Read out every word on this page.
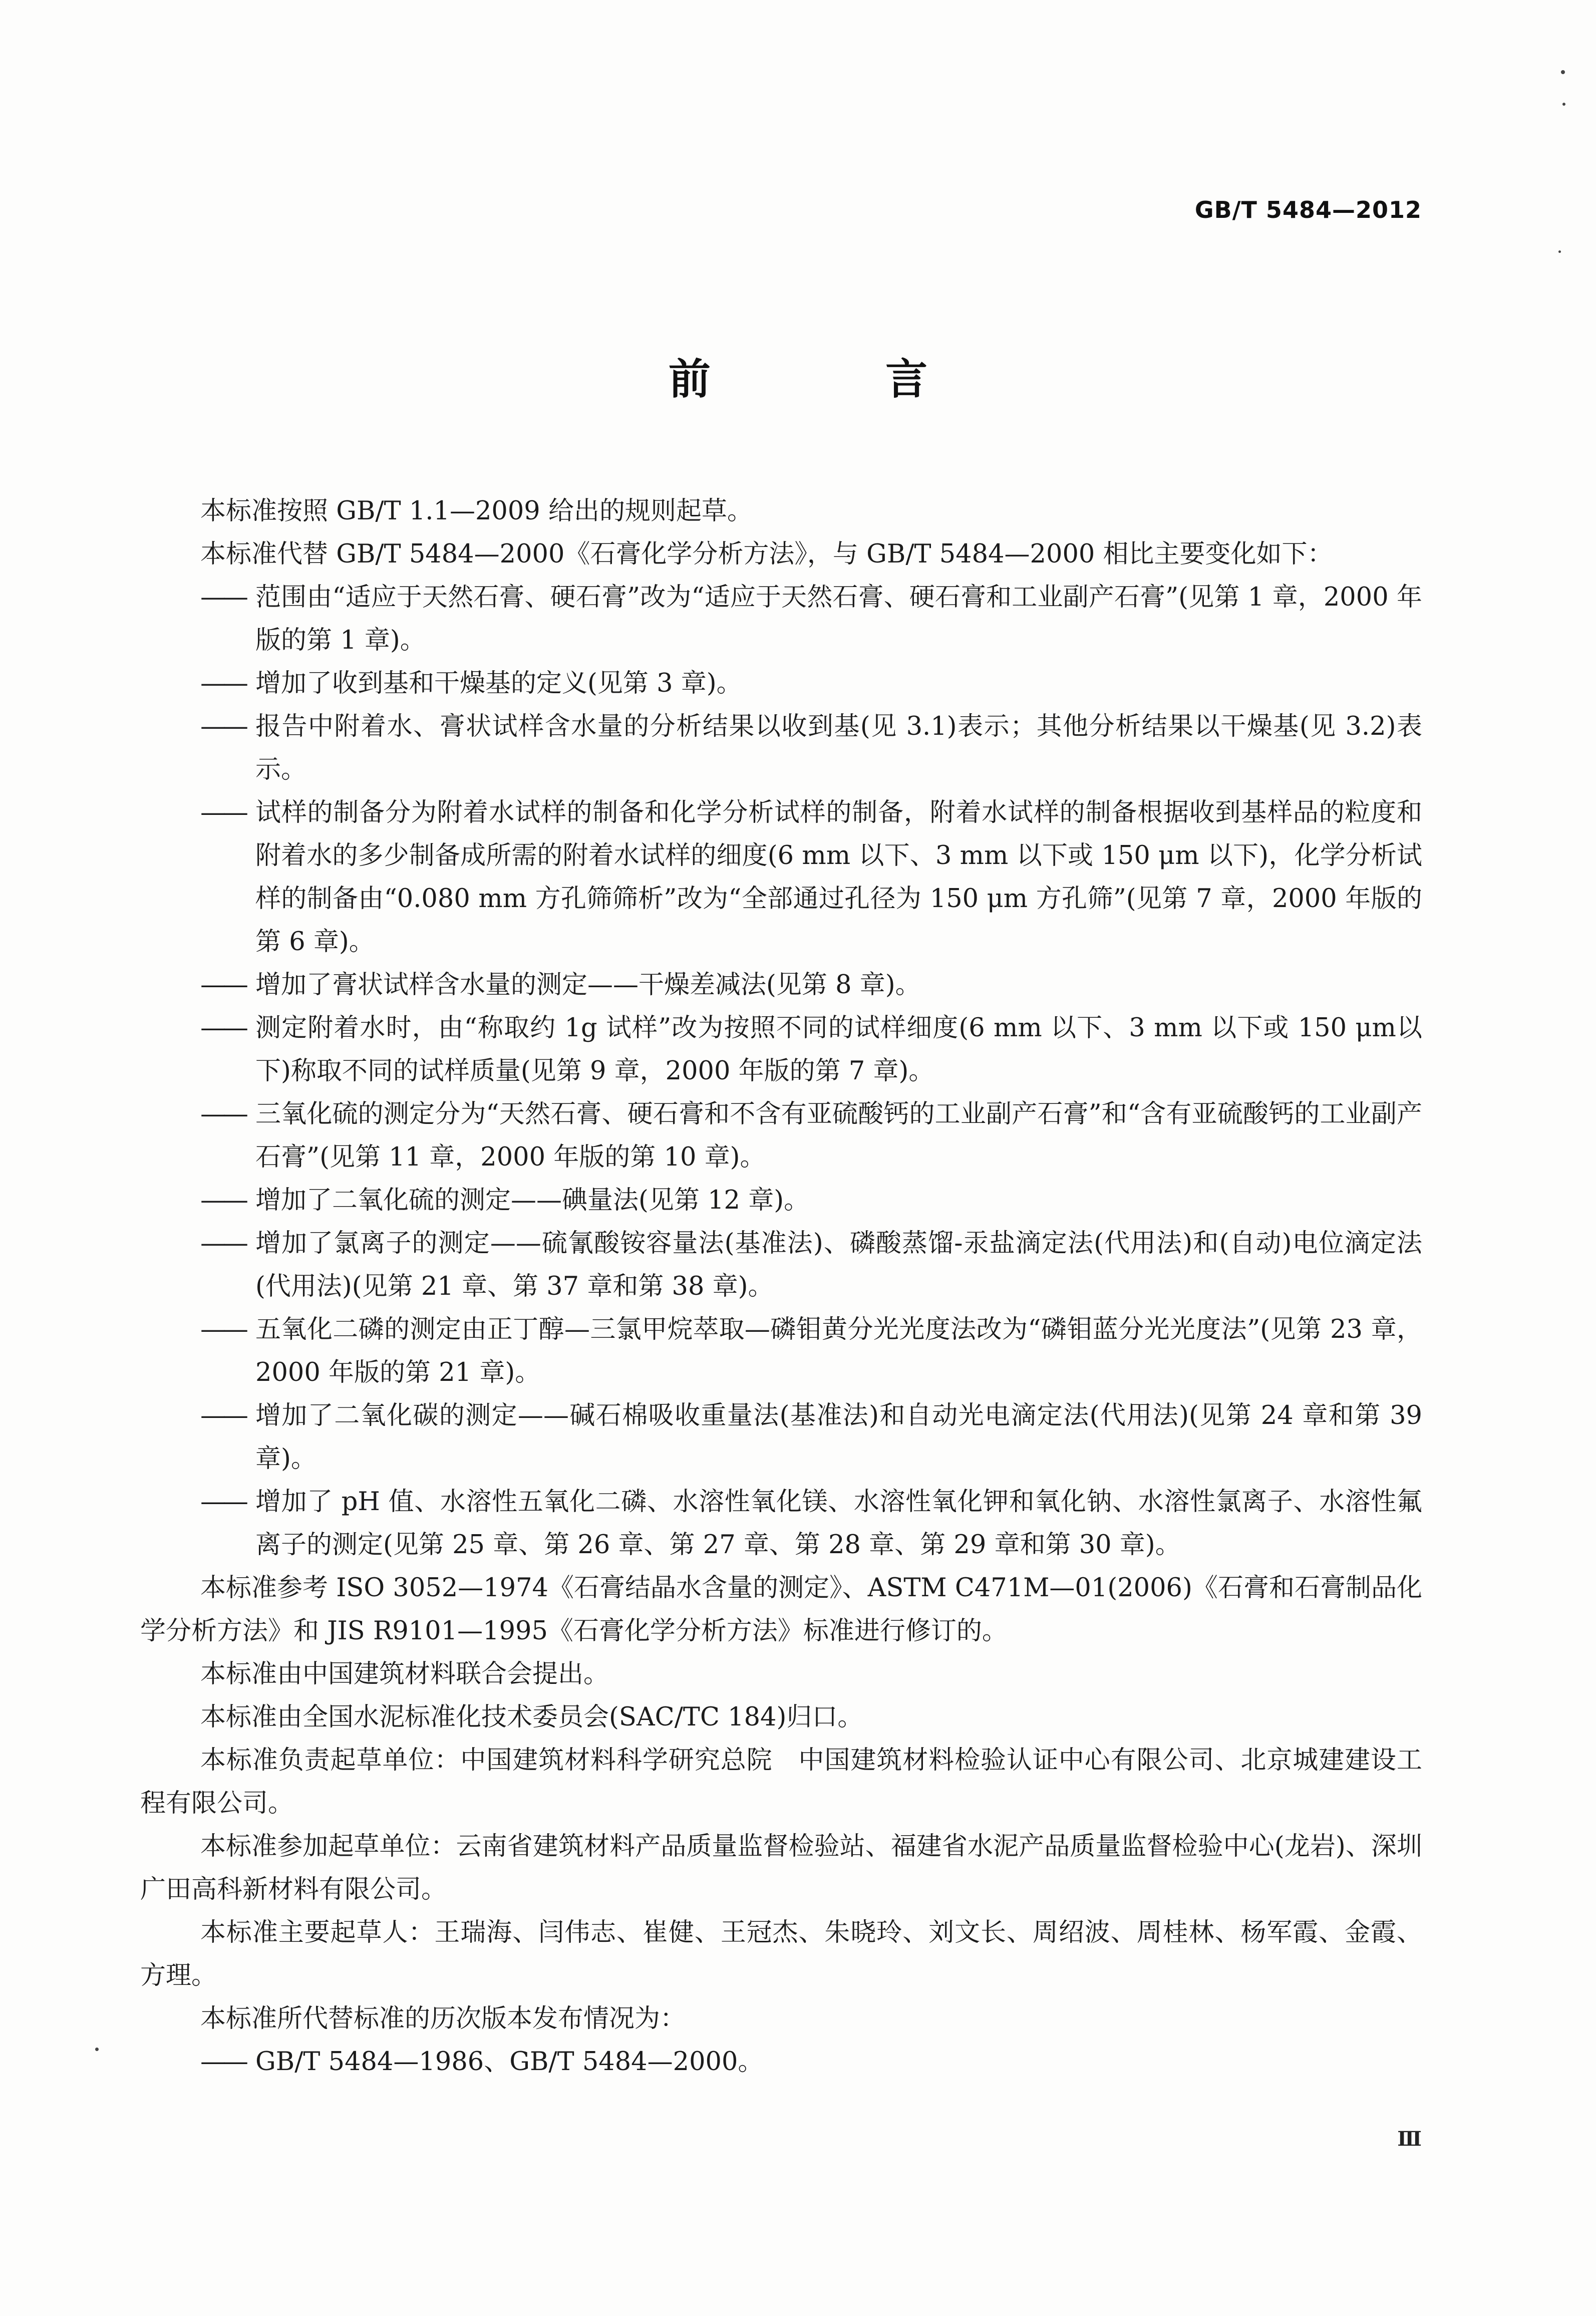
GB/T 5484—2012
前 言

本标准按照 GB/T 1.1—2009 给出的规则起草。

本标准代替 GB/T 5484—2000《石膏化学分析方法》，与 GB/T 5484—2000 相比主要变化如下：

—— 范围由“适应于天然石膏、硬石膏”改为“适应于天然石膏、硬石膏和工业副产石膏”(见第 1 章，2000 年版的第 1 章)。
—— 增加了收到基和干燥基的定义(见第 3 章)。
—— 报告中附着水、膏状试样含水量的分析结果以收到基(见 3.1)表示；其他分析结果以干燥基(见 3.2)表示。
—— 试样的制备分为附着水试样的制备和化学分析试样的制备，附着水试样的制备根据收到基样品的粒度和附着水的多少制备成所需的附着水试样的细度(6 mm 以下、3 mm 以下或 150 μm 以下)，化学分析试样的制备由“0.080 mm 方孔筛筛析”改为“全部通过孔径为 150 μm 方孔筛”(见第 7 章，2000 年版的第 6 章)。
—— 增加了膏状试样含水量的测定——干燥差减法(见第 8 章)。
—— 测定附着水时，由“称取约 1g 试样”改为按照不同的试样细度(6 mm 以下、3 mm 以下或 150 μm以下)称取不同的试样质量(见第 9 章，2000 年版的第 7 章)。
—— 三氧化硫的测定分为“天然石膏、硬石膏和不含有亚硫酸钙的工业副产石膏”和“含有亚硫酸钙的工业副产石膏”(见第 11 章，2000 年版的第 10 章)。
—— 增加了二氧化硫的测定——碘量法(见第 12 章)。
—— 增加了氯离子的测定——硫氰酸铵容量法(基准法)、磷酸蒸馏-汞盐滴定法(代用法)和(自动)电位滴定法(代用法)(见第 21 章、第 37 章和第 38 章)。
—— 五氧化二磷的测定由正丁醇—三氯甲烷萃取—磷钼黄分光光度法改为“磷钼蓝分光光度法”(见第 23 章，2000 年版的第 21 章)。
—— 增加了二氧化碳的测定——碱石棉吸收重量法(基准法)和自动光电滴定法(代用法)(见第 24 章和第 39 章)。
—— 增加了 pH 值、水溶性五氧化二磷、水溶性氧化镁、水溶性氧化钾和氧化钠、水溶性氯离子、水溶性氟离子的测定(见第 25 章、第 26 章、第 27 章、第 28 章、第 29 章和第 30 章)。

本标准参考 ISO 3052—1974《石膏结晶水含量的测定》、ASTM C471M—01(2006)《石膏和石膏制品化学分析方法》和 JIS R9101—1995《石膏化学分析方法》标准进行修订的。

本标准由中国建筑材料联合会提出。

本标准由全国水泥标准化技术委员会(SAC/TC 184)归口。

本标准负责起草单位：中国建筑材料科学研究总院　中国建筑材料检验认证中心有限公司、北京城建建设工程有限公司。

本标准参加起草单位：云南省建筑材料产品质量监督检验站、福建省水泥产品质量监督检验中心(龙岩)、深圳广田高科新材料有限公司。

本标准主要起草人：王瑞海、闫伟志、崔健、王冠杰、朱晓玲、刘文长、周绍波、周桂林、杨军霞、金霞、方理。

本标准所代替标准的历次版本发布情况为：

—— GB/T 5484—1986、GB/T 5484—2000。
Ⅲ
